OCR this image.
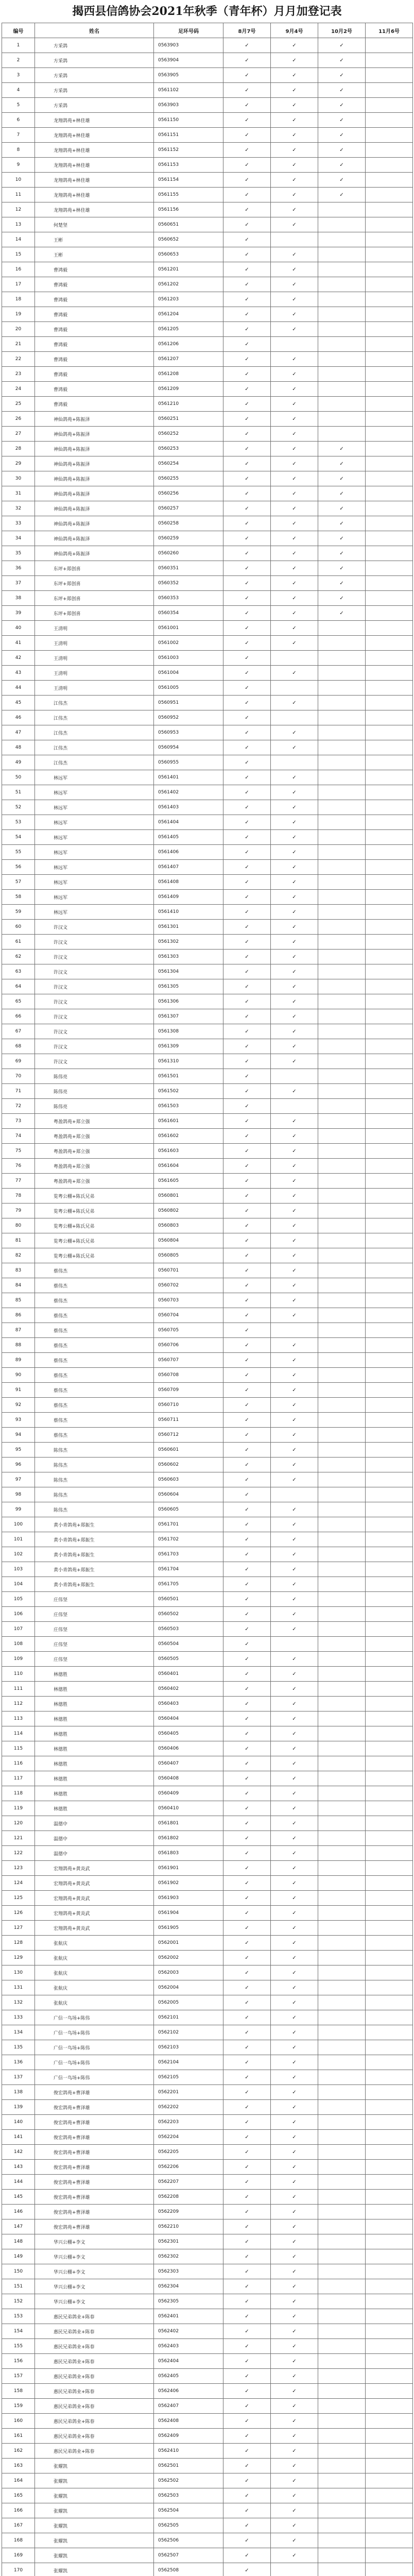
揭西县信鸽协会2021年秋季（青年杯）月月加登记表
编号	姓名	足环号码	8月7号	9月4号	10月2号	11月6号
1	方采鸽	0563903	✓	✓	✓	
2	方采鸽	0563904	✓	✓	✓	
3	方采鸽	0563905	✓	✓	✓	
4	方采鸽	0561102	✓	✓	✓	
5	方采鸽	0563903	✓	✓	✓	
6	龙翔鸽苑+林佳雄	0561150	✓	✓	✓	
7	龙翔鸽苑+林佳雄	0561151	✓	✓	✓	
8	龙翔鸽苑+林佳雄	0561152	✓	✓	✓	
9	龙翔鸽苑+林佳雄	0561153	✓	✓	✓	
10	龙翔鸽苑+林佳雄	0561154	✓	✓	✓	
11	龙翔鸽苑+林佳雄	0561155	✓	✓	✓	
12	龙翔鸽苑+林佳雄	0561156	✓	✓		
13	何楚坚	0560651	✓	✓		
14	王彬	0560652	✓			
15	王彬	0560653	✓	✓		
16	曹鸿毅	0561201	✓	✓		
17	曹鸿毅	0561202	✓	✓		
18	曹鸿毅	0561203	✓	✓		
19	曹鸿毅	0561204	✓	✓		
20	曹鸿毅	0561205	✓	✓		
21	曹鸿毅	0561206	✓			
22	曹鸿毅	0561207	✓	✓		
23	曹鸿毅	0561208	✓	✓		
24	曹鸿毅	0561209	✓	✓		
25	曹鸿毅	0561210	✓	✓		
26	神仙鸽苑+陈振泽	0560251	✓	✓		
27	神仙鸽苑+陈振泽	0560252	✓	✓		
28	神仙鸽苑+陈振泽	0560253	✓	✓	✓	
29	神仙鸽苑+陈振泽	0560254	✓	✓	✓	
30	神仙鸽苑+陈振泽	0560255	✓	✓	✓	
31	神仙鸽苑+陈振泽	0560256	✓	✓	✓	
32	神仙鸽苑+陈振泽	0560257	✓	✓	✓	
33	神仙鸽苑+陈振泽	0560258	✓	✓	✓	
34	神仙鸽苑+陈振泽	0560259	✓	✓	✓	
35	神仙鸽苑+陈振泽	0560260	✓	✓	✓	
36	东坪+郑创喜	0560351	✓	✓	✓	
37	东坪+郑创喜	0560352	✓	✓	✓	
38	东坪+郑创喜	0560353	✓	✓	✓	
39	东坪+郑创喜	0560354	✓	✓	✓	
40	王清明	0561001	✓	✓		
41	王清明	0561002	✓	✓		
42	王清明	0561003	✓			
43	王清明	0561004	✓	✓		
44	王清明	0561005	✓			
45	江伟杰	0560951	✓	✓		
46	江伟杰	0560952	✓			
47	江伟杰	0560953	✓	✓		
48	江伟杰	0560954	✓	✓		
49	江伟杰	0560955	✓			
50	林远军	0561401	✓	✓		
51	林远军	0561402	✓	✓		
52	林远军	0561403	✓	✓		
53	林远军	0561404	✓	✓		
54	林远军	0561405	✓	✓		
55	林远军	0561406	✓	✓		
56	林远军	0561407	✓	✓		
57	林远军	0561408	✓	✓		
58	林远军	0561409	✓	✓		
59	林远军	0561410	✓	✓		
60	许汉文	0561301	✓	✓		
61	许汉文	0561302	✓	✓		
62	许汉文	0561303	✓	✓		
63	许汉文	0561304	✓	✓		
64	许汉文	0561305	✓	✓		
65	许汉文	0561306	✓	✓		
66	许汉文	0561307	✓	✓		
67	许汉文	0561308	✓	✓		
68	许汉文	0561309	✓	✓		
69	许汉文	0561310	✓	✓		
70	陈伟亮	0561501	✓			
71	陈伟亮	0561502	✓	✓		
72	陈伟亮	0561503	✓			
73	粤盈鸽苑+郑立强	0561601	✓	✓		
74	粤盈鸽苑+郑立强	0561602	✓	✓		
75	粤盈鸽苑+郑立强	0561603	✓	✓		
76	粤盈鸽苑+郑立强	0561604	✓	✓		
77	粤盈鸽苑+郑立强	0561605	✓	✓		
78	览粤公棚+陈氏兄弟	0560801	✓	✓		
79	览粤公棚+陈氏兄弟	0560802	✓	✓		
80	览粤公棚+陈氏兄弟	0560803	✓	✓		
81	览粤公棚+陈氏兄弟	0560804	✓	✓		
82	览粤公棚+陈氏兄弟	0560805	✓	✓		
83	蔡伟杰	0560701	✓	✓		
84	蔡伟杰	0560702	✓	✓		
85	蔡伟杰	0560703	✓	✓		
86	蔡伟杰	0560704	✓	✓		
87	蔡伟杰	0560705	✓			
88	蔡伟杰	0560706	✓	✓		
89	蔡伟杰	0560707	✓	✓		
90	蔡伟杰	0560708	✓	✓		
91	蔡伟杰	0560709	✓	✓		
92	蔡伟杰	0560710	✓	✓		
93	蔡伟杰	0560711	✓	✓		
94	蔡伟杰	0560712	✓	✓		
95	陈伟杰	0560601	✓	✓		
96	陈伟杰	0560602	✓	✓		
97	陈伟杰	0560603	✓	✓		
98	陈伟杰	0560604	✓			
99	陈伟杰	0560605	✓	✓		
100	黄小青鸽苑+郑振生	0561701	✓	✓		
101	黄小青鸽苑+郑振生	0561702	✓	✓		
102	黄小青鸽苑+郑振生	0561703	✓	✓		
103	黄小青鸽苑+郑振生	0561704	✓	✓		
104	黄小青鸽苑+郑振生	0561705	✓	✓		
105	庄伟坚	0560501	✓	✓		
106	庄伟坚	0560502	✓	✓		
107	庄伟坚	0560503	✓	✓		
108	庄伟坚	0560504	✓			
109	庄伟坚	0560505	✓	✓		
110	林德胜	0560401	✓	✓		
111	林德胜	0560402	✓	✓		
112	林德胜	0560403	✓	✓		
113	林德胜	0560404	✓	✓		
114	林德胜	0560405	✓	✓		
115	林德胜	0560406	✓	✓		
116	林德胜	0560407	✓	✓		
117	林德胜	0560408	✓	✓		
118	林德胜	0560409	✓	✓		
119	林德胜	0560410	✓	✓		
120	温德中	0561801	✓	✓		
121	温德中	0561802	✓	✓		
122	温德中	0561803	✓	✓		
123	宏翔鸽苑+黄炎武	0561901	✓	✓		
124	宏翔鸽苑+黄炎武	0561902	✓	✓		
125	宏翔鸽苑+黄炎武	0561903	✓	✓		
126	宏翔鸽苑+黄炎武	0561904	✓	✓		
127	宏翔鸽苑+黄炎武	0561905	✓	✓		
128	张航庆	0562001	✓	✓		
129	张航庆	0562002	✓	✓		
130	张航庆	0562003	✓	✓		
131	张航庆	0562004	✓	✓		
132	张航庆	0562005	✓	✓		
133	广信一鸟场+陈伟	0562101	✓	✓		
134	广信一鸟场+陈伟	0562102	✓	✓		
135	广信一鸟场+陈伟	0562103	✓	✓		
136	广信一鸟场+陈伟	0562104	✓	✓		
137	广信一鸟场+陈伟	0562105	✓	✓		
138	俊宏鸽苑+曹泽雄	0562201	✓	✓		
139	俊宏鸽苑+曹泽雄	0562202	✓	✓		
140	俊宏鸽苑+曹泽雄	0562203	✓	✓		
141	俊宏鸽苑+曹泽雄	0562204	✓	✓		
142	俊宏鸽苑+曹泽雄	0562205	✓	✓		
143	俊宏鸽苑+曹泽雄	0562206	✓	✓		
144	俊宏鸽苑+曹泽雄	0562207	✓	✓		
145	俊宏鸽苑+曹泽雄	0562208	✓	✓		
146	俊宏鸽苑+曹泽雄	0562209	✓	✓		
147	俊宏鸽苑+曹泽雄	0562210	✓	✓		
148	华兴公棚+李文	0562301	✓	✓		
149	华兴公棚+李文	0562302	✓	✓		
150	华兴公棚+李文	0562303	✓	✓		
151	华兴公棚+李文	0562304	✓	✓		
152	华兴公棚+李文	0562305	✓	✓		
153	惠民兄弟鸽业+陈春	0562401	✓	✓		
154	惠民兄弟鸽业+陈春	0562402	✓	✓		
155	惠民兄弟鸽业+陈春	0562403	✓	✓		
156	惠民兄弟鸽业+陈春	0562404	✓	✓		
157	惠民兄弟鸽业+陈春	0562405	✓	✓		
158	惠民兄弟鸽业+陈春	0562406	✓	✓		
159	惠民兄弟鸽业+陈春	0562407	✓	✓		
160	惠民兄弟鸽业+陈春	0562408	✓	✓		
161	惠民兄弟鸽业+陈春	0562409	✓	✓		
162	惠民兄弟鸽业+陈春	0562410	✓	✓		
163	张耀凯	0562501	✓	✓		
164	张耀凯	0562502	✓	✓		
165	张耀凯	0562503	✓	✓		
166	张耀凯	0562504	✓	✓		
167	张耀凯	0562505	✓	✓		
168	张耀凯	0562506	✓	✓		
169	张耀凯	0562507	✓	✓		
170	张耀凯	0562508	✓			
